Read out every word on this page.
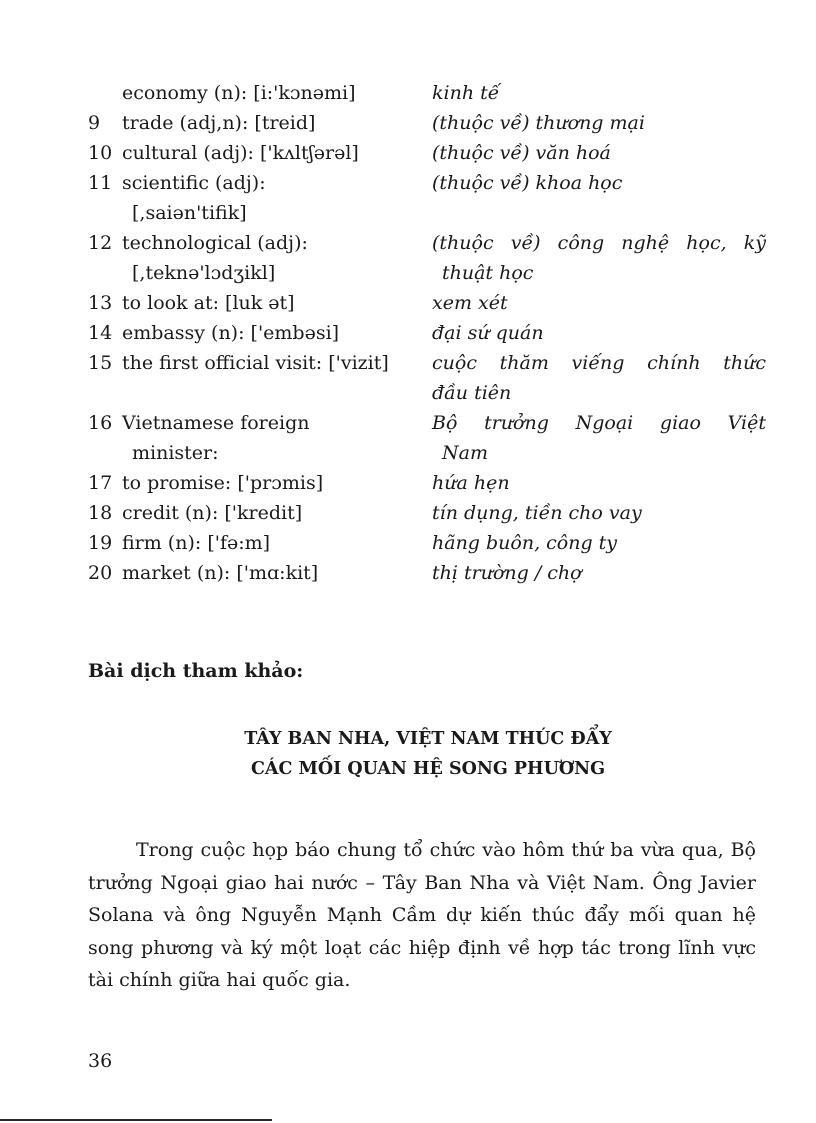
economy (n): [i:'kɔnəmi]	kinh tế
9	trade (adj,n): [treid]	(thuộc về) thương mại
10 cultural (adj): ['kʌltʃərəl]	(thuộc về) văn hoá
11 scientific (adj):	(thuộc về) khoa học
[,saiən'tifik]
12 technological (adj):	(thuộc về) công nghệ học, kỹ
[,teknə'lɔdʒikl]	thuật học
13 to look at: [luk ət]	xem xét
14 embassy (n): ['embəsi]	đại sứ quán
15 the first official visit: ['vizit]	cuộc thăm viếng chính thức
đầu tiên
16 Vietnamese foreign	Bộ trưởng Ngoại giao Việt
minister:	Nam
17 to promise: ['prɔmis]	hứa hẹn
18 credit (n): ['kredit]	tín dụng, tiền cho vay
19 firm (n): ['fə:m]	hãng buôn, công ty
20 market (n): ['mɑ:kit]	thị trường / chợ
Bài dịch tham khảo:
TÂY BAN NHA, VIỆT NAM THÚC ĐẨY
CÁC MỐI QUAN HỆ SONG PHƯƠNG
Trong cuộc họp báo chung tổ chức vào hôm thứ ba vừa qua, Bộ trưởng Ngoại giao hai nước – Tây Ban Nha và Việt Nam. Ông Javier Solana và ông Nguyễn Mạnh Cầm dự kiến thúc đẩy mối quan hệ song phương và ký một loạt các hiệp định về hợp tác trong lĩnh vực tài chính giữa hai quốc gia.
36
